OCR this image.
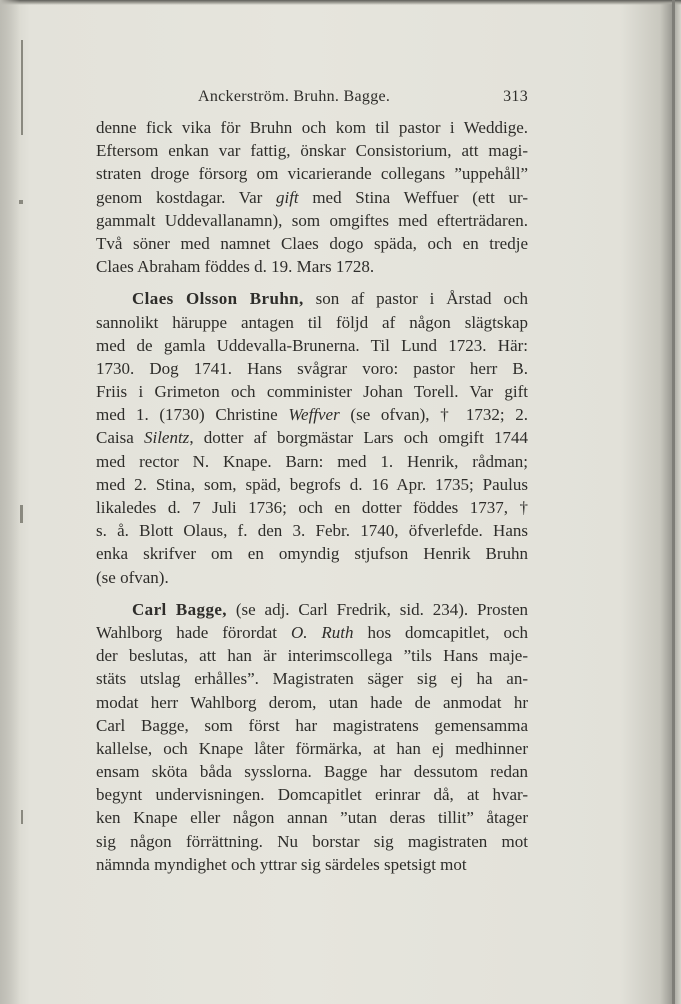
Anckerström. Bruhn. Bagge.	313
denne fick vika för Bruhn och kom til pastor i Weddige.
Eftersom enkan var fattig, önskar Consistorium, att magi-
straten droge försorg om vicarierande collegans ”uppehåll”
genom kostdagar. Var gift med Stina Weffuer (ett ur-
gammalt Uddevallanamn), som omgiftes med efterträdaren.
Två söner med namnet Claes dogo späda, och en tredje
Claes Abraham föddes d. 19. Mars 1728.
Claes Olsson Bruhn, son af pastor i Årstad och
sannolikt häruppe antagen til följd af någon slägtskap
med de gamla Uddevalla-Brunerna. Til Lund 1723. Här:
1730. Dog 1741. Hans svågrar voro: pastor herr B.
Friis i Grimeton och comminister Johan Torell. Var gift
med 1. (1730) Christine Weffver (se ofvan), † 1732; 2.
Caisa Silentz, dotter af borgmästar Lars och omgift 1744
med rector N. Knape. Barn: med 1. Henrik, rådman;
med 2. Stina, som, späd, begrofs d. 16 Apr. 1735; Paulus
likaledes d. 7 Juli 1736; och en dotter föddes 1737, †
s. å. Blott Olaus, f. den 3. Febr. 1740, öfverlefde. Hans
enka skrifver om en omyndig stjufson Henrik Bruhn
(se ofvan).
Carl Bagge, (se adj. Carl Fredrik, sid. 234). Prosten
Wahlborg hade förordat O. Ruth hos domcapitlet, och
der beslutas, att han är interimscollega ”tils Hans maje-
stäts utslag erhålles”. Magistraten säger sig ej ha an-
modat herr Wahlborg derom, utan hade de anmodat hr
Carl Bagge, som först har magistratens gemensamma
kallelse, och Knape låter förmärka, at han ej medhinner
ensam sköta båda sysslorna. Bagge har dessutom redan
begynt undervisningen. Domcapitlet erinrar då, at hvar-
ken Knape eller någon annan ”utan deras tillit” åtager
sig någon förrättning. Nu borstar sig magistraten mot
nämnda myndighet och yttrar sig särdeles spetsigt mot
